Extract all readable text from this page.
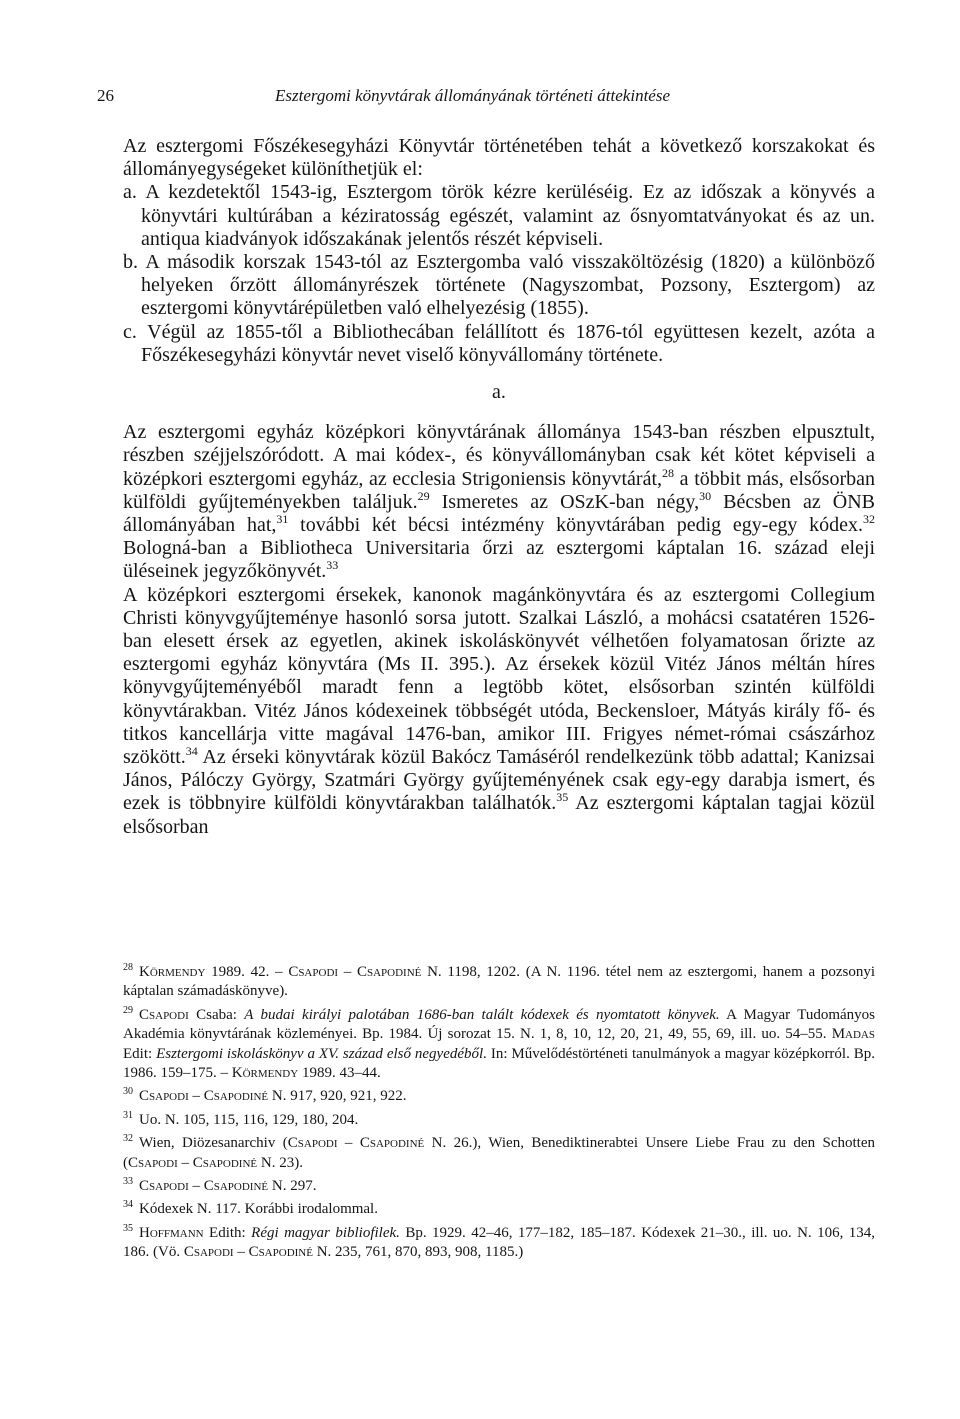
26	Esztergomi könyvtárak állományának történeti áttekintése

Az esztergomi Főszékesegyházi Könyvtár történetében tehát a következő korszakokat és állományegységeket különíthetjük el:

a. A kezdetektől 1543-ig, Esztergom török kézre kerüléséig. Ez az időszak a könyvés a könyvtári kultúrában a kéziratosság egészét, valamint az ősnyomtatványokat és az un. antiqua kiadványok időszakának jelentős részét képviseli.

b. A második korszak 1543-tól az Esztergomba való visszaköltözésig (1820) a különböző helyeken őrzött állományrészek története (Nagyszombat, Pozsony, Esztergom) az esztergomi könyvtárépületben való elhelyezésig (1855).

c. Végül az 1855-től a Bibliothecában felállított és 1876-tól együttesen kezelt, azóta a Főszékesegyházi könyvtár nevet viselő könyvállomány története.

a.

Az esztergomi egyház középkori könyvtárának állománya 1543-ban részben elpusztult, részben széjjelszóródott. A mai kódex-, és könyvállományban csak két kötet képviseli a középkori esztergomi egyház, az ecclesia Strigoniensis könyvtárát,$^{28}$ a többit más, elsősorban külföldi gyűjteményekben találjuk.$^{29}$ Ismeretes az OSzK-ban négy,$^{30}$ Bécsben az ÖNB állományában hat,$^{31}$ további két bécsi intézmény könyvtárában pedig egy-egy kódex.$^{32}$ Bologná-ban a Bibliotheca Universitaria őrzi az esztergomi káptalan 16. század eleji üléseinek jegyzőkönyvét.$^{33}$

A középkori esztergomi érsekek, kanonok magánkönyvtára és az esztergomi Collegium Christi könyvgyűjteménye hasonló sorsa jutott. Szalkai László, a mohácsi csatatéren 1526-ban elesett érsek az egyetlen, akinek iskoláskönyvét vélhetően folyamatosan őrizte az esztergomi egyház könyvtára (Ms II. 395.). Az érsekek közül Vitéz János méltán híres könyvgyűjteményéből maradt fenn a legtöbb kötet, elsősorban szintén külföldi könyvtárakban. Vitéz János kódexeinek többségét utóda, Beckensloer, Mátyás király fő- és titkos kancellárja vitte magával 1476-ban, amikor III. Frigyes német-római császárhoz szökött.$^{34}$ Az érseki könyvtárak közül Bakócz Tamáséról rendelkezünk több adattal; Kanizsai János, Pálóczy György, Szatmári György gyűjteményének csak egy-egy darabja ismert, és ezek is többnyire külföldi könyvtárakban találhatók.$^{35}$ Az esztergomi káptalan tagjai közül elsősorban

$^{28}$ Körmendy 1989. 42. – Csapodi – Csapodiné N. 1198, 1202. (A N. 1196. tétel nem az esztergomi, hanem a pozsonyi káptalan számadáskönyve).

$^{29}$ Csapodi Csaba: A budai királyi palotában 1686-ban talált kódexek és nyomtatott könyvek. A Magyar Tudományos Akadémia könyvtárának közleményei. Bp. 1984. Új sorozat 15. N. 1, 8, 10, 12, 20, 21, 49, 55, 69, ill. uo. 54–55. Madas Edit: Esztergomi iskoláskönyv a XV. század első negyedéből. In: Művelődéstörténeti tanulmányok a magyar középkorról. Bp. 1986. 159–175. – Körmendy 1989. 43–44.

$^{30}$ Csapodi – Csapodiné N. 917, 920, 921, 922.

$^{31}$ Uo. N. 105, 115, 116, 129, 180, 204.

$^{32}$ Wien, Diözesanarchiv (Csapodi – Csapodiné N. 26.), Wien, Benediktinerabtei Unsere Liebe Frau zu den Schotten (Csapodi – Csapodiné N. 23).

$^{33}$ Csapodi – Csapodiné N. 297.

$^{34}$ Kódexek N. 117. Korábbi irodalommal.

$^{35}$ Hoffmann Edith: Régi magyar bibliofilek. Bp. 1929. 42–46, 177–182, 185–187. Kódexek 21–30., ill. uo. N. 106, 134, 186. (Vö. Csapodi – Csapodiné N. 235, 761, 870, 893, 908, 1185.)
